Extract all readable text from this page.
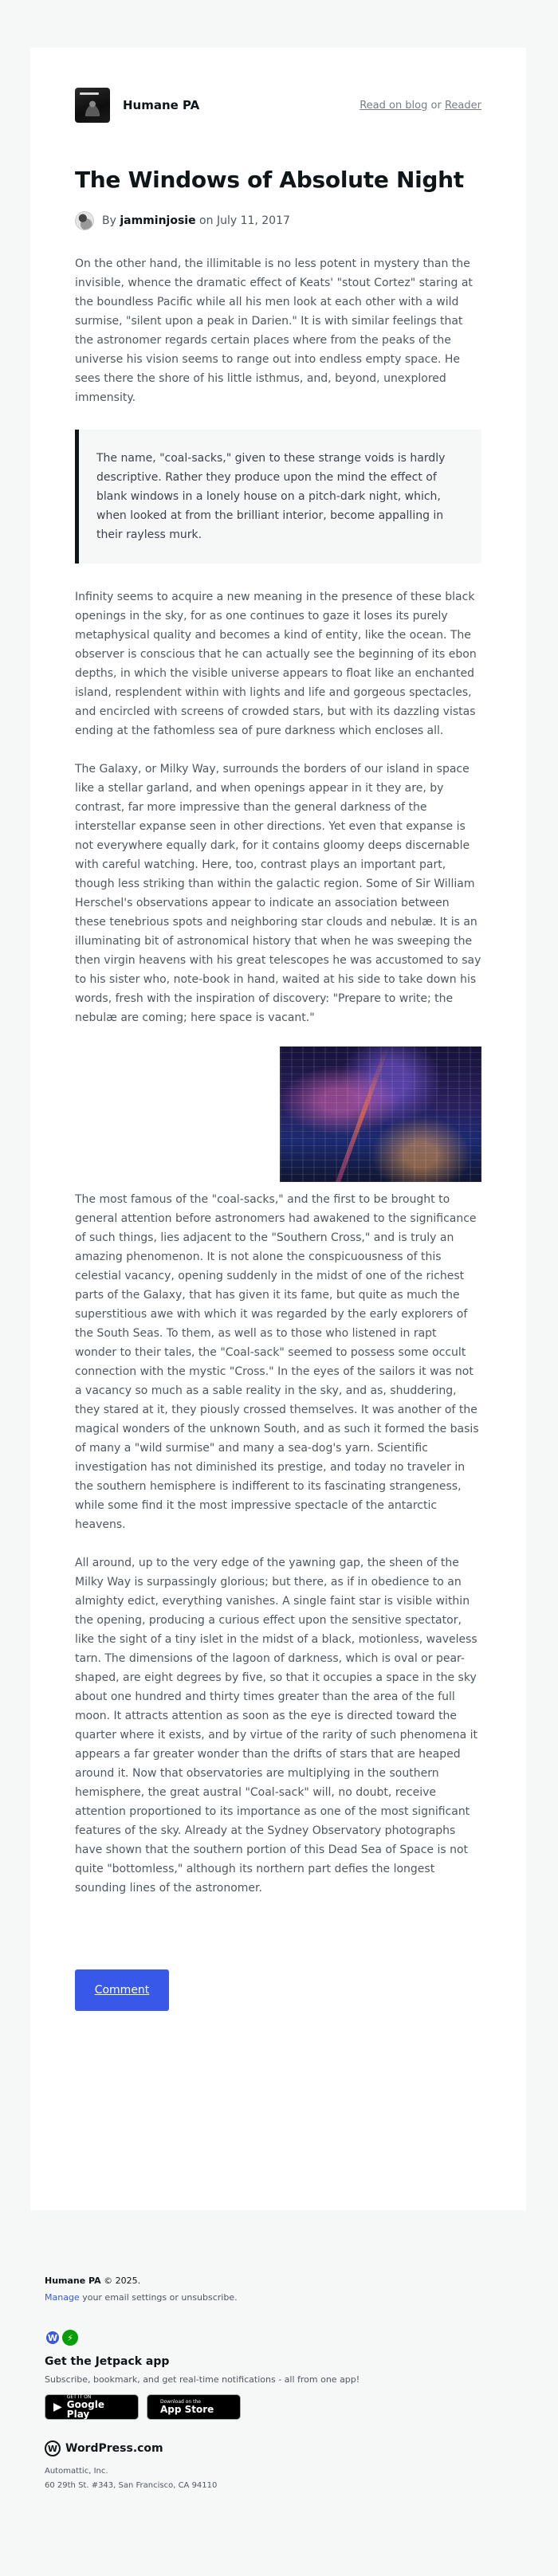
Humane PA	Read on blog or Reader
The Windows of Absolute Night
By jamminjosie on July 11, 2017

On the other hand, the illimitable is no less potent in mystery than the invisible, whence the dramatic effect of Keats' "stout Cortez" staring at the boundless Pacific while all his men look at each other with a wild surmise, "silent upon a peak in Darien." It is with similar feelings that the astronomer regards certain places where from the peaks of the universe his vision seems to range out into endless empty space. He sees there the shore of his little isthmus, and, beyond, unexplored immensity.

The name, "coal-sacks," given to these strange voids is hardly descriptive. Rather they produce upon the mind the effect of blank windows in a lonely house on a pitch-dark night, which, when looked at from the brilliant interior, become appalling in their rayless murk.

Infinity seems to acquire a new meaning in the presence of these black openings in the sky, for as one continues to gaze it loses its purely metaphysical quality and becomes a kind of entity, like the ocean. The observer is conscious that he can actually see the beginning of its ebon depths, in which the visible universe appears to float like an enchanted island, resplendent within with lights and life and gorgeous spectacles, and encircled with screens of crowded stars, but with its dazzling vistas ending at the fathomless sea of pure darkness which encloses all.

The Galaxy, or Milky Way, surrounds the borders of our island in space like a stellar garland, and when openings appear in it they are, by contrast, far more impressive than the general darkness of the interstellar expanse seen in other directions. Yet even that expanse is not everywhere equally dark, for it contains gloomy deeps discernable with careful watching. Here, too, contrast plays an important part, though less striking than within the galactic region. Some of Sir William Herschel's observations appear to indicate an association between these tenebrious spots and neighboring star clouds and nebulæ. It is an illuminating bit of astronomical history that when he was sweeping the then virgin heavens with his great telescopes he was accustomed to say to his sister who, note-book in hand, waited at his side to take down his words, fresh with the inspiration of discovery: "Prepare to write; the nebulæ are coming; here space is vacant."

The most famous of the "coal-sacks," and the first to be brought to general attention before astronomers had awakened to the significance of such things, lies adjacent to the "Southern Cross," and is truly an amazing phenomenon. It is not alone the conspicuousness of this celestial vacancy, opening suddenly in the midst of one of the richest parts of the Galaxy, that has given it its fame, but quite as much the superstitious awe with which it was regarded by the early explorers of the South Seas. To them, as well as to those who listened in rapt wonder to their tales, the "Coal-sack" seemed to possess some occult connection with the mystic "Cross." In the eyes of the sailors it was not a vacancy so much as a sable reality in the sky, and as, shuddering, they stared at it, they piously crossed themselves. It was another of the magical wonders of the unknown South, and as such it formed the basis of many a "wild surmise" and many a sea-dog's yarn. Scientific investigation has not diminished its prestige, and today no traveler in the southern hemisphere is indifferent to its fascinating strangeness, while some find it the most impressive spectacle of the antarctic heavens.

All around, up to the very edge of the yawning gap, the sheen of the Milky Way is surpassingly glorious; but there, as if in obedience to an almighty edict, everything vanishes. A single faint star is visible within the opening, producing a curious effect upon the sensitive spectator, like the sight of a tiny islet in the midst of a black, motionless, waveless tarn. The dimensions of the lagoon of darkness, which is oval or pear-shaped, are eight degrees by five, so that it occupies a space in the sky about one hundred and thirty times greater than the area of the full moon. It attracts attention as soon as the eye is directed toward the quarter where it exists, and by virtue of the rarity of such phenomena it appears a far greater wonder than the drifts of stars that are heaped around it. Now that observatories are multiplying in the southern hemisphere, the great austral "Coal-sack" will, no doubt, receive attention proportioned to its importance as one of the most significant features of the sky. Already at the Sydney Observatory photographs have shown that the southern portion of this Dead Sea of Space is not quite "bottomless," although its northern part defies the longest sounding lines of the astronomer.

Comment
Humane PA © 2025.
Manage your email settings or unsubscribe.
W	⚡
Get the Jetpack app
Subscribe, bookmark, and get real-time notifications - all from one app!
▶
GET IT ON
Google Play
Download on the
App Store
W WordPress.com
Automattic, Inc.
60 29th St. #343, San Francisco, CA 94110
